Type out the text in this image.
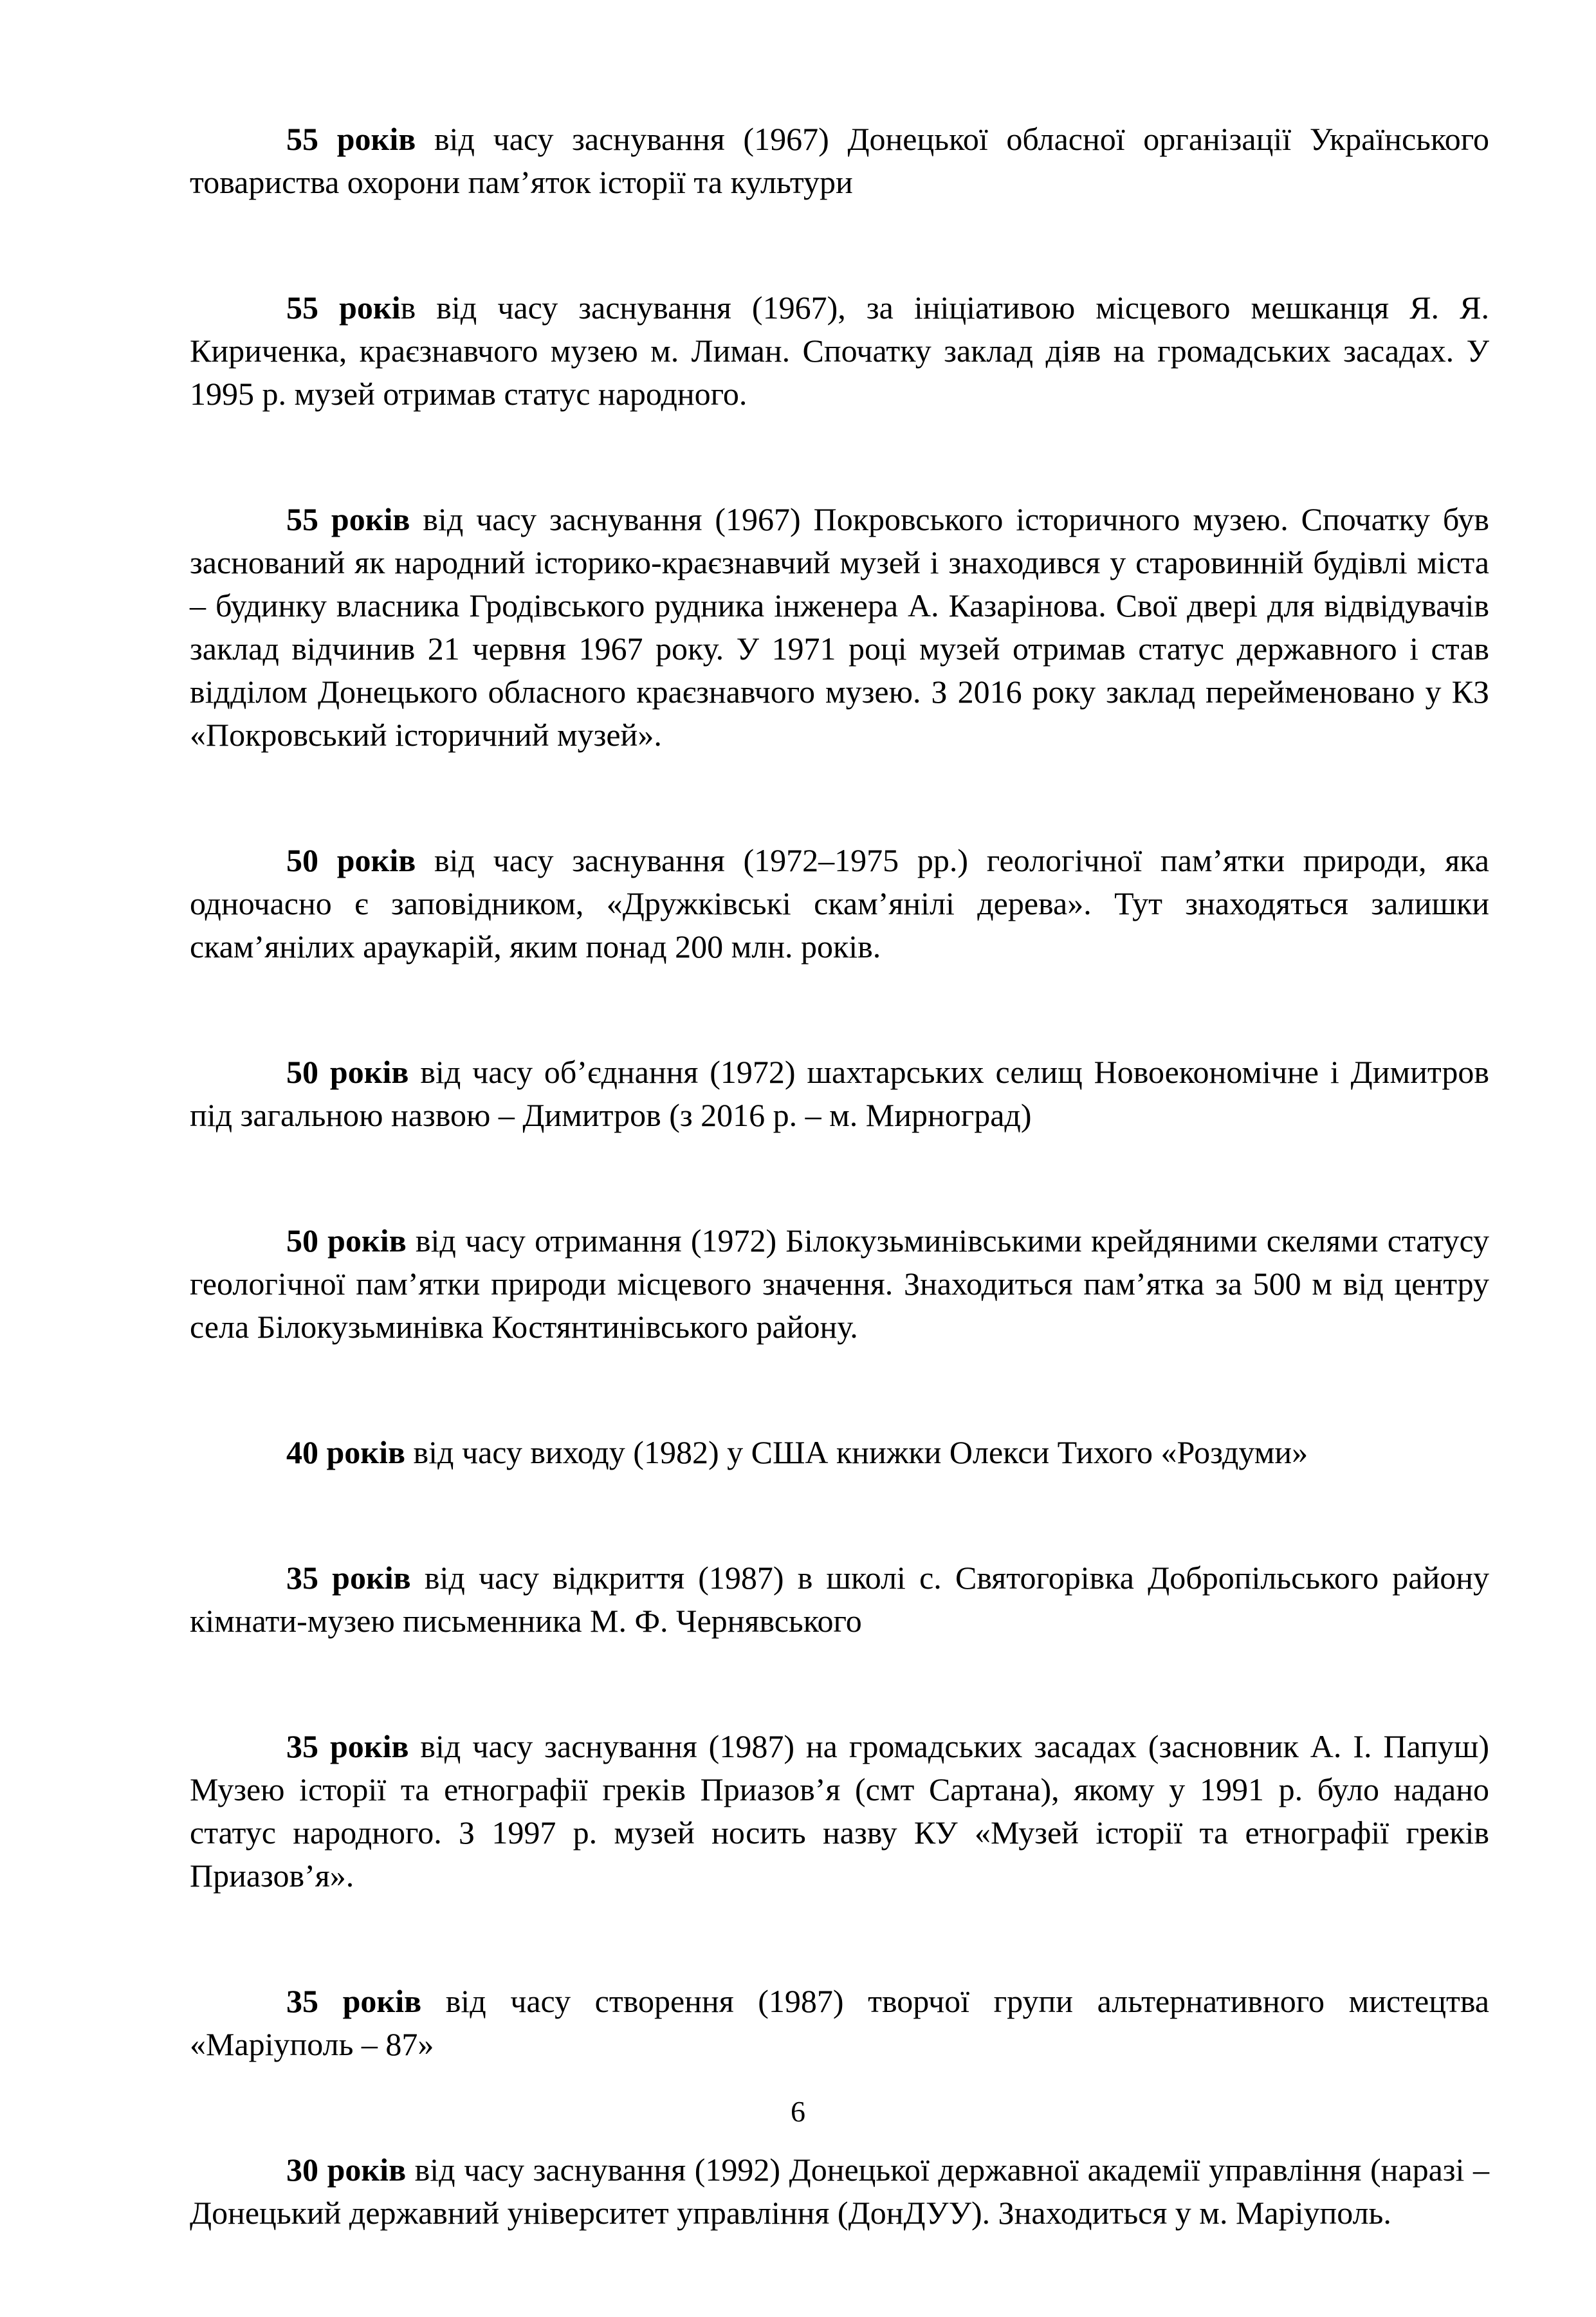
55 років від часу заснування (1967) Донецької обласної організації Українського товариства охорони пам’яток історії та культури

55 років від часу заснування (1967), за ініціативою місцевого мешканця Я. Я. Кириченка, краєзнавчого музею м. Лиман. Спочатку заклад діяв на громадських засадах. У 1995 р. музей отримав статус народного.

55 років від часу заснування (1967) Покровського історичного музею. Спочатку був заснований як народний історико-краєзнавчий музей і знаходився у старовинній будівлі міста – будинку власника Гродівського рудника інженера А. Казарінова. Свої двері для відвідувачів заклад відчинив 21 червня 1967 року. У 1971 році музей отримав статус державного і став відділом Донецького обласного краєзнавчого музею. З 2016 року заклад перейменовано у КЗ «Покровський історичний музей».

50 років від часу заснування (1972–1975 рр.) геологічної пам’ятки природи, яка одночасно є заповідником, «Дружківські скам’янілі дерева». Тут знаходяться залишки скам’янілих араукарій, яким понад 200 млн. років.

50 років від часу об’єднання (1972) шахтарських селищ Новоекономічне і Димитров під загальною назвою – Димитров (з 2016 р. – м. Мирноград)

50 років від часу отримання (1972) Білокузьминівськими крейдяними скелями статусу геологічної пам’ятки природи місцевого значення. Знаходиться пам’ятка за 500 м від центру села Білокузьминівка Костянтинівського району.

40 років від часу виходу (1982) у США книжки Олекси Тихого «Роздуми»

35 років від часу відкриття (1987) в школі с. Святогорівка Добропільського району кімнати-музею письменника М. Ф. Чернявського

35 років від часу заснування (1987) на громадських засадах (засновник А. І. Папуш) Музею історії та етнографії греків Приазов’я (смт Сартана), якому у 1991 р. було надано статус народного. З 1997 р. музей носить назву КУ «Музей історії та етнографії греків Приазов’я».

35 років від часу створення (1987) творчої групи альтернативного мистецтва «Маріуполь – 87»

30 років від часу заснування (1992) Донецької державної академії управління (наразі – Донецький державний університет управління (ДонДУУ). Знаходиться у м. Маріуполь.

6
